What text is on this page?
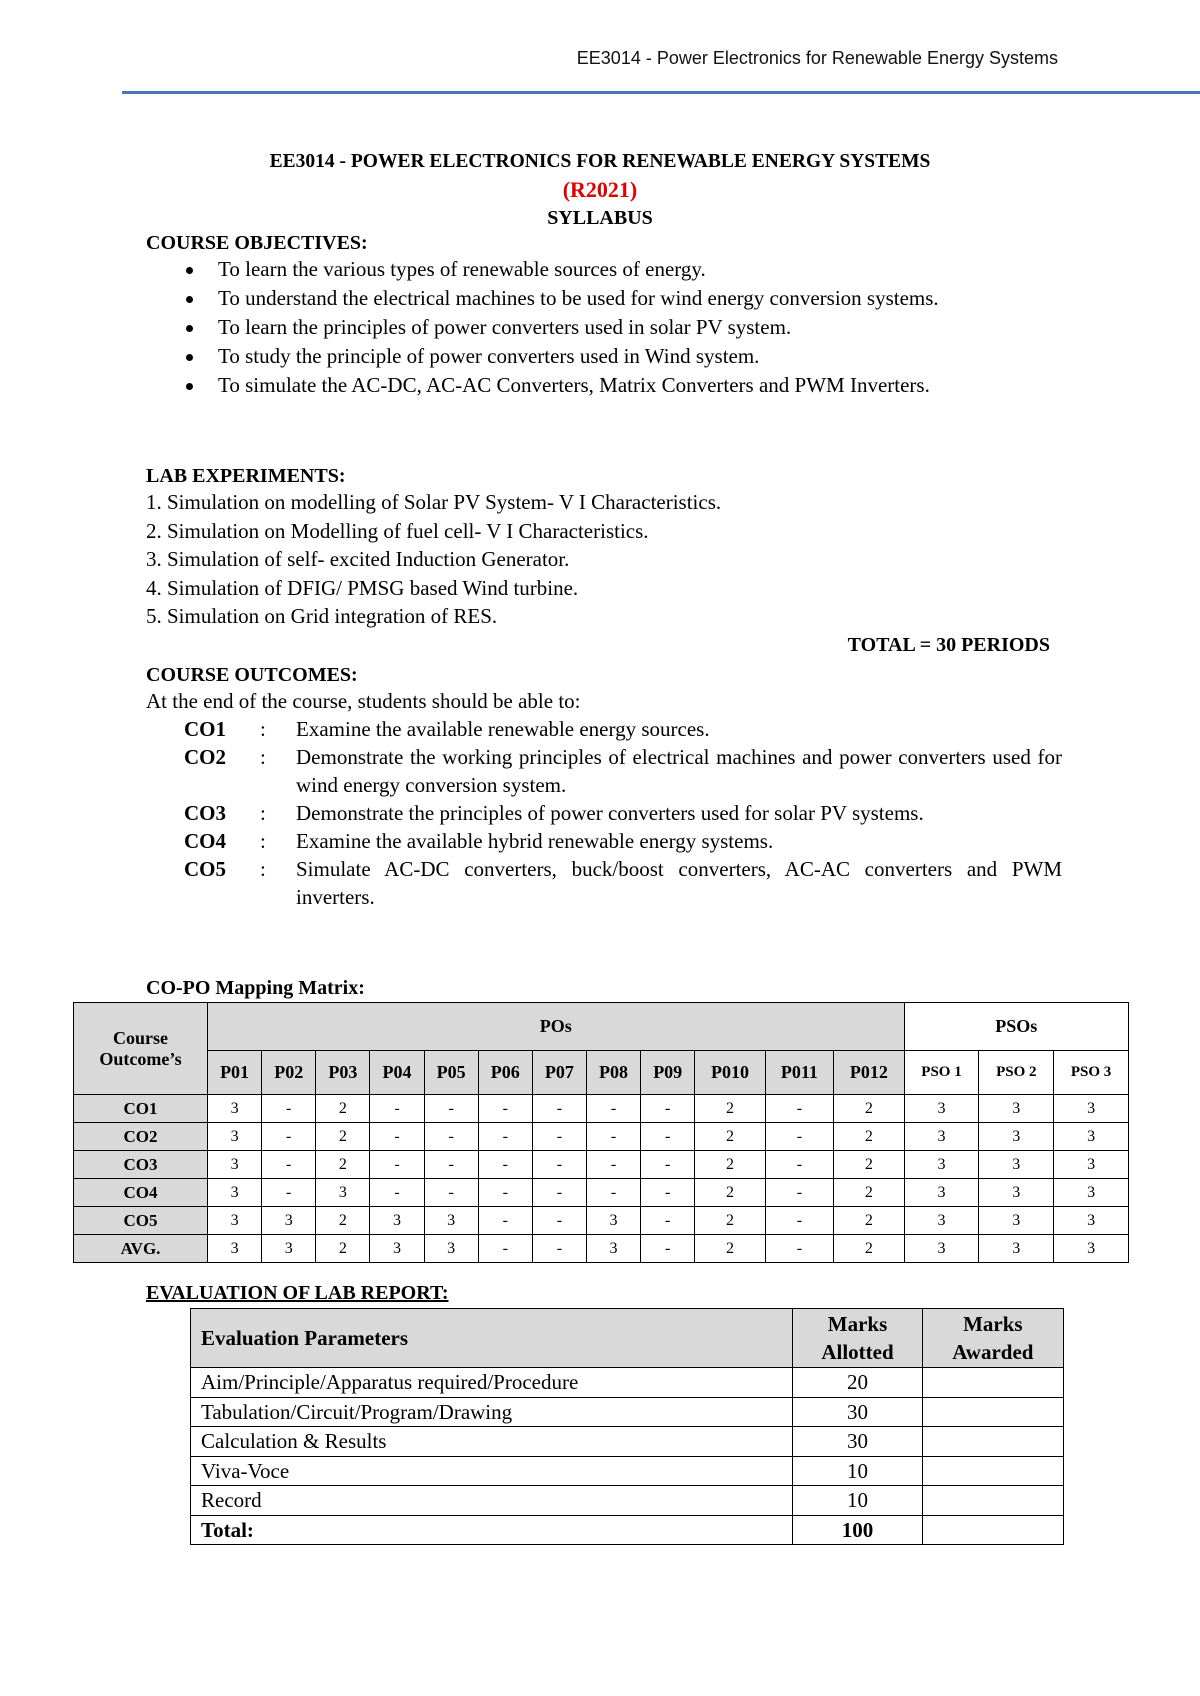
EE3014 - Power Electronics for Renewable Energy Systems
EE3014 - POWER ELECTRONICS FOR RENEWABLE ENERGY SYSTEMS
(R2021)
SYLLABUS

COURSE OBJECTIVES:

To learn the various types of renewable sources of energy.
To understand the electrical machines to be used for wind energy conversion systems.
To learn the principles of power converters used in solar PV system.
To study the principle of power converters used in Wind system.
To simulate the AC-DC, AC-AC Converters, Matrix Converters and PWM Inverters.

LAB EXPERIMENTS:

1. Simulation on modelling of Solar PV System- V I Characteristics.
2. Simulation on Modelling of fuel cell- V I Characteristics.
3. Simulation of self- excited Induction Generator.
4. Simulation of DFIG/ PMSG based Wind turbine.
5. Simulation on Grid integration of RES.
TOTAL = 30 PERIODS

COURSE OUTCOMES:

At the end of the course, students should be able to:
CO1	:	Examine the available renewable energy sources.
CO2	:	Demonstrate the working principles of electrical machines and power converters used for wind energy conversion system.
CO3	:	Demonstrate the principles of power converters used for solar PV systems.
CO4	:	Examine the available hybrid renewable energy systems.
CO5	:	Simulate AC-DC converters, buck/boost converters, AC-AC converters and PWM inverters.
CO-PO Mapping Matrix:
Course Outcome’s	POs												PSOs		
	P01	P02	P03	P04	P05	P06	P07	P08	P09	P010	P011	P012	PSO 1	PSO 2	PSO 3
CO1	3	-	2	-	-	-	-	-	-	2	-	2	3	3	3
CO2	3	-	2	-	-	-	-	-	-	2	-	2	3	3	3
CO3	3	-	2	-	-	-	-	-	-	2	-	2	3	3	3
CO4	3	-	3	-	-	-	-	-	-	2	-	2	3	3	3
CO5	3	3	2	3	3	-	-	3	-	2	-	2	3	3	3
AVG.	3	3	2	3	3	-	-	3	-	2	-	2	3	3	3
EVALUATION OF LAB REPORT:
Evaluation Parameters	Marks Allotted	Marks Awarded
Aim/Principle/Apparatus required/Procedure	20	
Tabulation/Circuit/Program/Drawing	30	
Calculation & Results	30	
Viva-Voce	10	
Record	10	
Total:	100	
